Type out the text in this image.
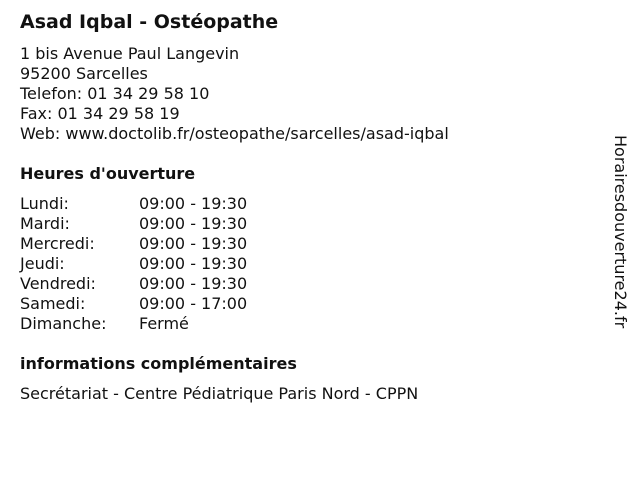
Asad Iqbal - Ostéopathe
1 bis Avenue Paul Langevin
95200 Sarcelles
Telefon: 01 34 29 58 10
Fax: 01 34 29 58 19
Web: www.doctolib.fr/osteopathe/sarcelles/asad-iqbal
Heures d'ouverture
Lundi:	09:00 - 19:30
Mardi:	09:00 - 19:30
Mercredi:	09:00 - 19:30
Jeudi:	09:00 - 19:30
Vendredi:	09:00 - 19:30
Samedi:	09:00 - 17:00
Dimanche: Fermé
informations complémentaires
Secrétariat - Centre Pédiatrique Paris Nord - CPPN
Horairesdouverture24.fr
